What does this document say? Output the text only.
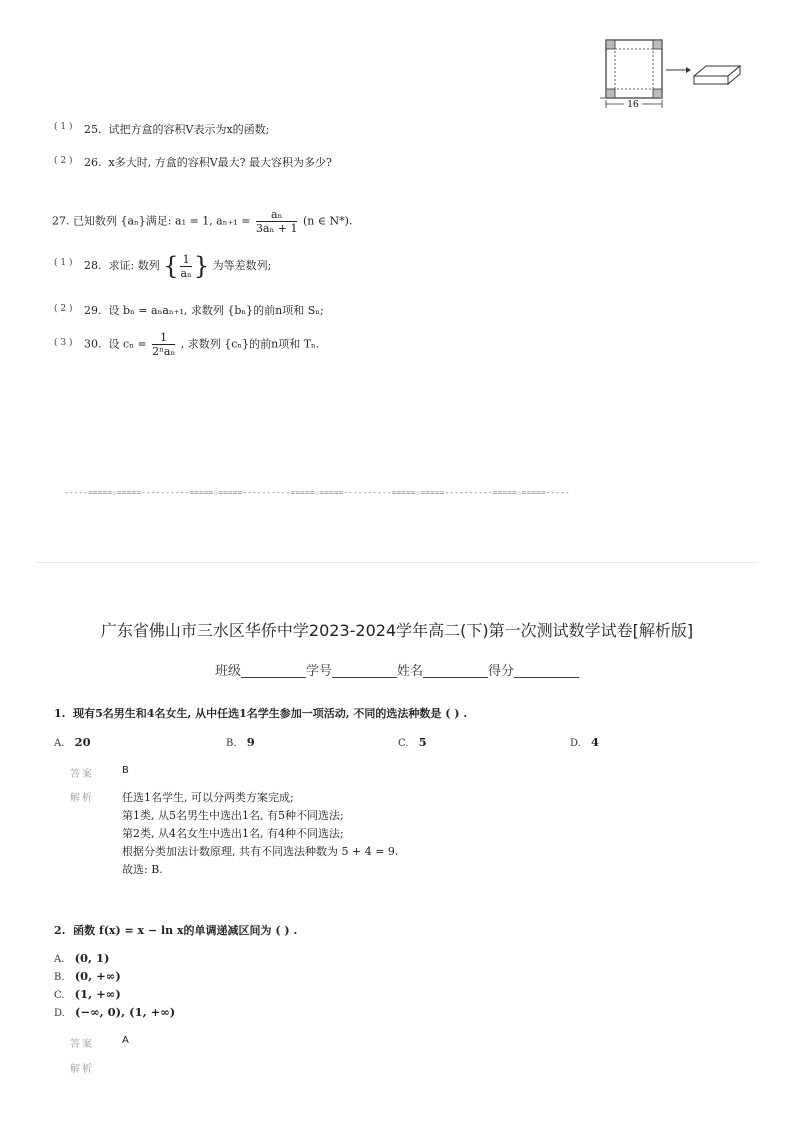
16
( 1 ) 25. 试把方盒的容积V表示为x的函数;
( 2 ) 26. x多大时, 方盒的容积V最大? 最大容积为多少?
27. 已知数列 {aₙ}满足: a₁ = 1, $a_{n+1} = \frac{\text{aₙ}}{\text{3aₙ + 1}} (n$ ∈ N*).
( 1 ) 28. 求证: 数列 { $\frac{1}{\text{aₙ}}$ } 为等差数列;
( 2 ) 29. 设 bₙ = aₙaₙ₊₁, 求数列 {bₙ}的前n项和 Sₙ;
( 3 ) 30. 设 $c_n = \frac{1}{\text{2ⁿaₙ}}$ , 求数列 {cₙ}的前n项和 Tₙ.
-----=====☆=====----------=====☆=====----------=====☆=====----------=====☆=====----------=====☆=====-----
广东省佛山市三水区华侨中学2023-2024学年高二(下)第一次测试数学试卷[解析版]
班级__________学号__________姓名__________得分__________
1. 现有5名男生和4名女生, 从中任选1名学生参加一项活动, 不同的选法种数是 ( ) .
A. 20	B. 9	C. 5	D. 4
答案	B
解析	任选1名学生, 可以分两类方案完成;
第1类, 从5名男生中选出1名, 有5种不同选法;
第2类, 从4名女生中选出1名, 有4种不同选法;
根据分类加法计数原理, 共有不同选法种数为 5 + 4 = 9.
故选: B.
2. 函数 f(x) = x − ln x的单调递减区间为 ( ) .
A. (0, 1)
B. (0, +∞)
C. (1, +∞)
D. (−∞, 0), (1, +∞)
答案	A
解析
